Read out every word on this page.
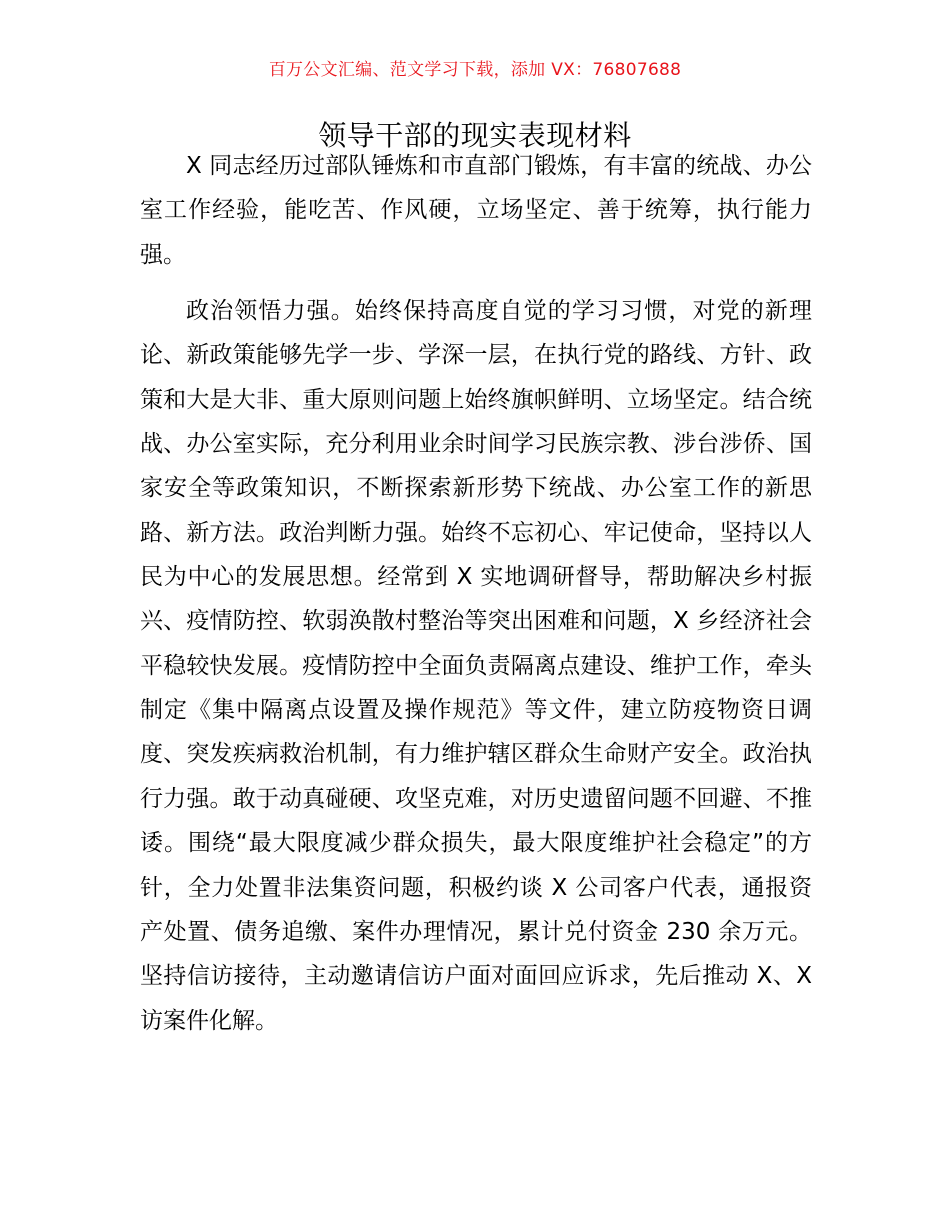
百万公文汇编、范文学习下载，添加 VX：76807688
领导干部的现实表现材料

X 同志经历过部队锤炼和市直部门锻炼，有丰富的统战、办公室工作经验，能吃苦、作风硬，立场坚定、善于统筹，执行能力强。

政治领悟力强。始终保持高度自觉的学习习惯，对党的新理论、新政策能够先学一步、学深一层，在执行党的路线、方针、政策和大是大非、重大原则问题上始终旗帜鲜明、立场坚定。结合统战、办公室实际，充分利用业余时间学习民族宗教、涉台涉侨、国家安全等政策知识，不断探索新形势下统战、办公室工作的新思路、新方法。政治判断力强。始终不忘初心、牢记使命，坚持以人民为中心的发展思想。经常到 X 实地调研督导，帮助解决乡村振兴、疫情防控、软弱涣散村整治等突出困难和问题，X 乡经济社会平稳较快发展。疫情防控中全面负责隔离点建设、维护工作，牵头制定《集中隔离点设置及操作规范》等文件，建立防疫物资日调度、突发疾病救治机制，有力维护辖区群众生命财产安全。政治执行力强。敢于动真碰硬、攻坚克难，对历史遗留问题不回避、不推诿。围绕“最大限度减少群众损失，最大限度维护社会稳定”的方针，全力处置非法集资问题，积极约谈 X 公司客户代表，通报资产处置、债务追缴、案件办理情况，累计兑付资金 230 余万元。坚持信访接待，主动邀请信访户面对面回应诉求，先后推动 X、X 访案件化解。
